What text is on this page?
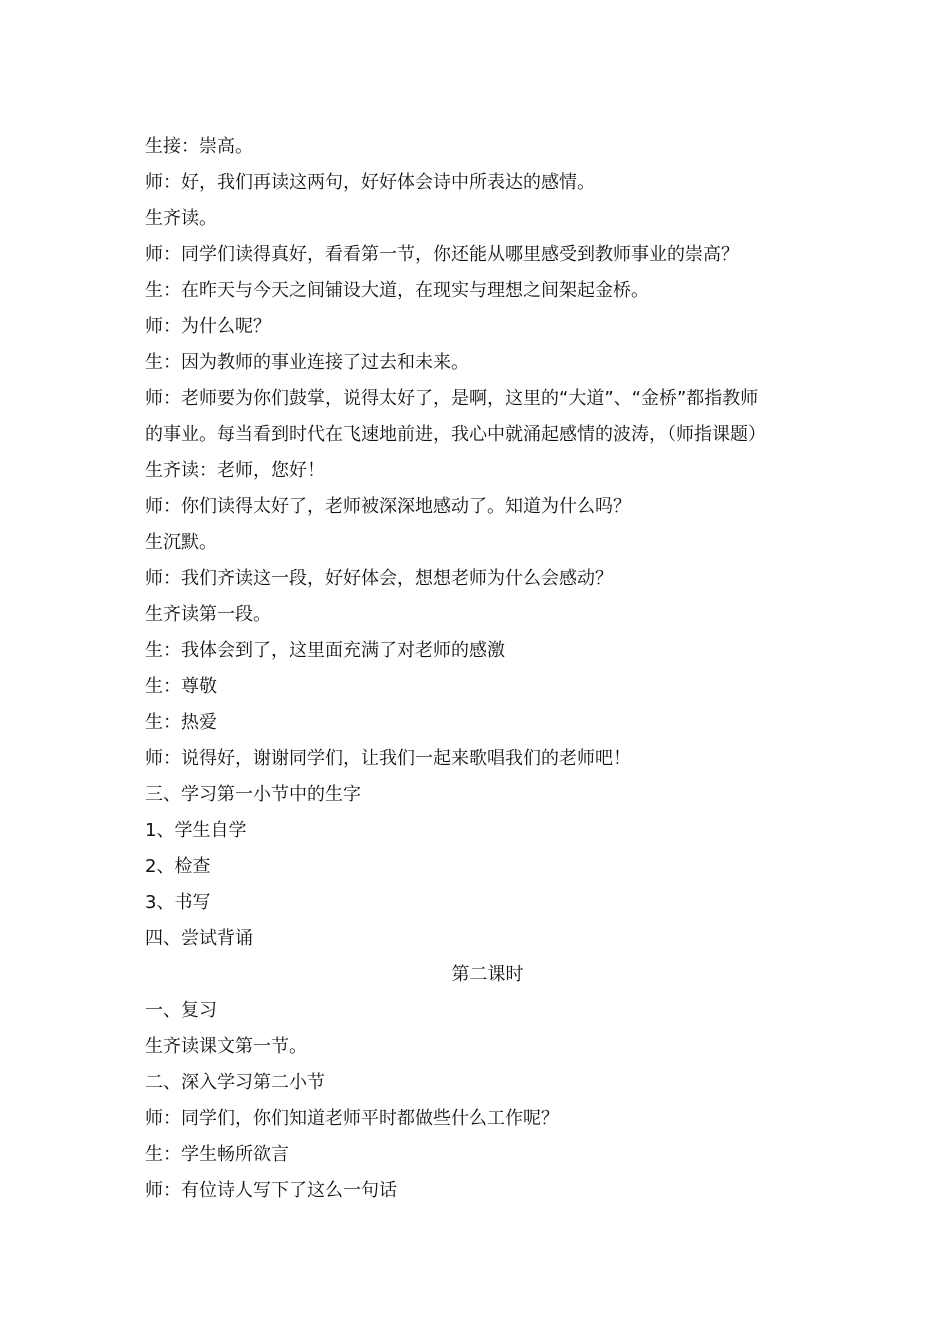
生接：崇高。

师：好，我们再读这两句，好好体会诗中所表达的感情。

生齐读。

师：同学们读得真好，看看第一节，你还能从哪里感受到教师事业的崇高？

生：在昨天与今天之间铺设大道，在现实与理想之间架起金桥。

师：为什么呢？

生：因为教师的事业连接了过去和未来。

师：老师要为你们鼓掌，说得太好了，是啊，这里的“大道”、“金桥”都指教师

的事业。每当看到时代在飞速地前进，我心中就涌起感情的波涛，（师指课题）

生齐读：老师，您好！

师：你们读得太好了，老师被深深地感动了。知道为什么吗？

生沉默。

师：我们齐读这一段，好好体会，想想老师为什么会感动？

生齐读第一段。

生：我体会到了，这里面充满了对老师的感激

生：尊敬

生：热爱

师：说得好，谢谢同学们，让我们一起来歌唱我们的老师吧！

三、学习第一小节中的生字

1、学生自学

2、检查

3、书写

四、尝试背诵

第二课时

一、复习

生齐读课文第一节。

二、深入学习第二小节

师：同学们，你们知道老师平时都做些什么工作呢？

生：学生畅所欲言

师：有位诗人写下了这么一句话
